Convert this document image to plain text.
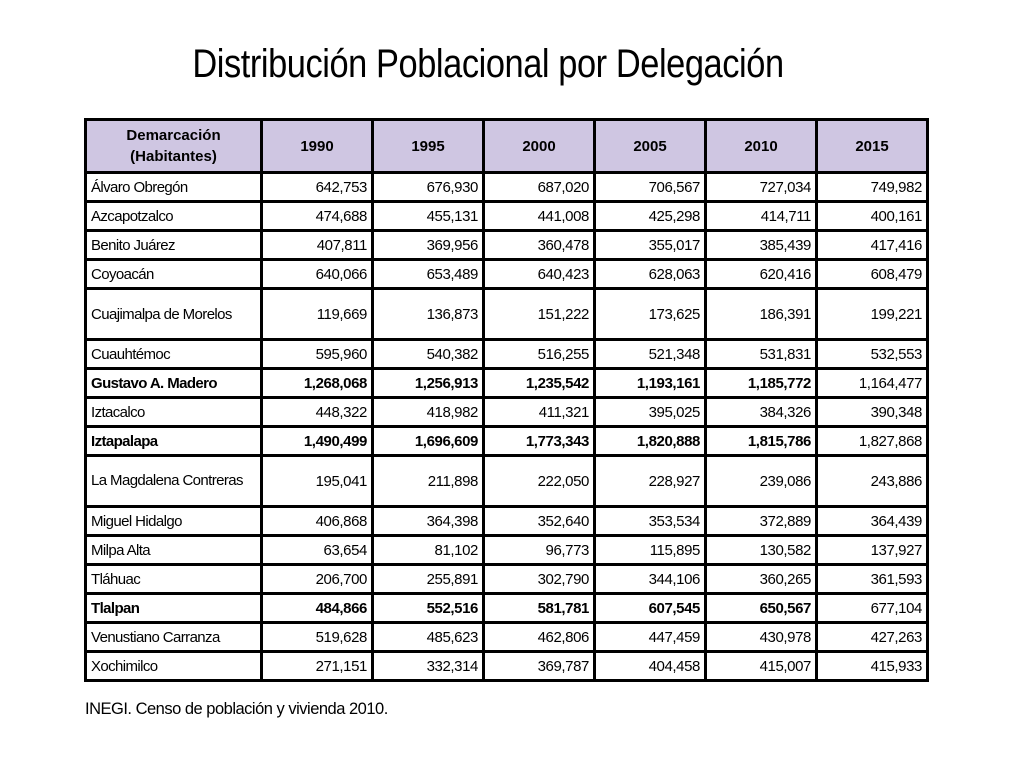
Distribución Poblacional por Delegación
Demarcación
(Habitantes)	1990	1995	2000	2005	2010	2015
Álvaro Obregón	642,753	676,930	687,020	706,567	727,034	749,982
Azcapotzalco	474,688	455,131	441,008	425,298	414,711	400,161
Benito Juárez	407,811	369,956	360,478	355,017	385,439	417,416
Coyoacán	640,066	653,489	640,423	628,063	620,416	608,479
Cuajimalpa de Morelos	119,669	136,873	151,222	173,625	186,391	199,221
Cuauhtémoc	595,960	540,382	516,255	521,348	531,831	532,553
Gustavo A. Madero	1,268,068	1,256,913	1,235,542	1,193,161	1,185,772	1,164,477
Iztacalco	448,322	418,982	411,321	395,025	384,326	390,348
Iztapalapa	1,490,499	1,696,609	1,773,343	1,820,888	1,815,786	1,827,868
La Magdalena Contreras	195,041	211,898	222,050	228,927	239,086	243,886
Miguel Hidalgo	406,868	364,398	352,640	353,534	372,889	364,439
Milpa Alta	63,654	81,102	96,773	115,895	130,582	137,927
Tláhuac	206,700	255,891	302,790	344,106	360,265	361,593
Tlalpan	484,866	552,516	581,781	607,545	650,567	677,104
Venustiano Carranza	519,628	485,623	462,806	447,459	430,978	427,263
Xochimilco	271,151	332,314	369,787	404,458	415,007	415,933
INEGI. Censo de población y vivienda 2010.
